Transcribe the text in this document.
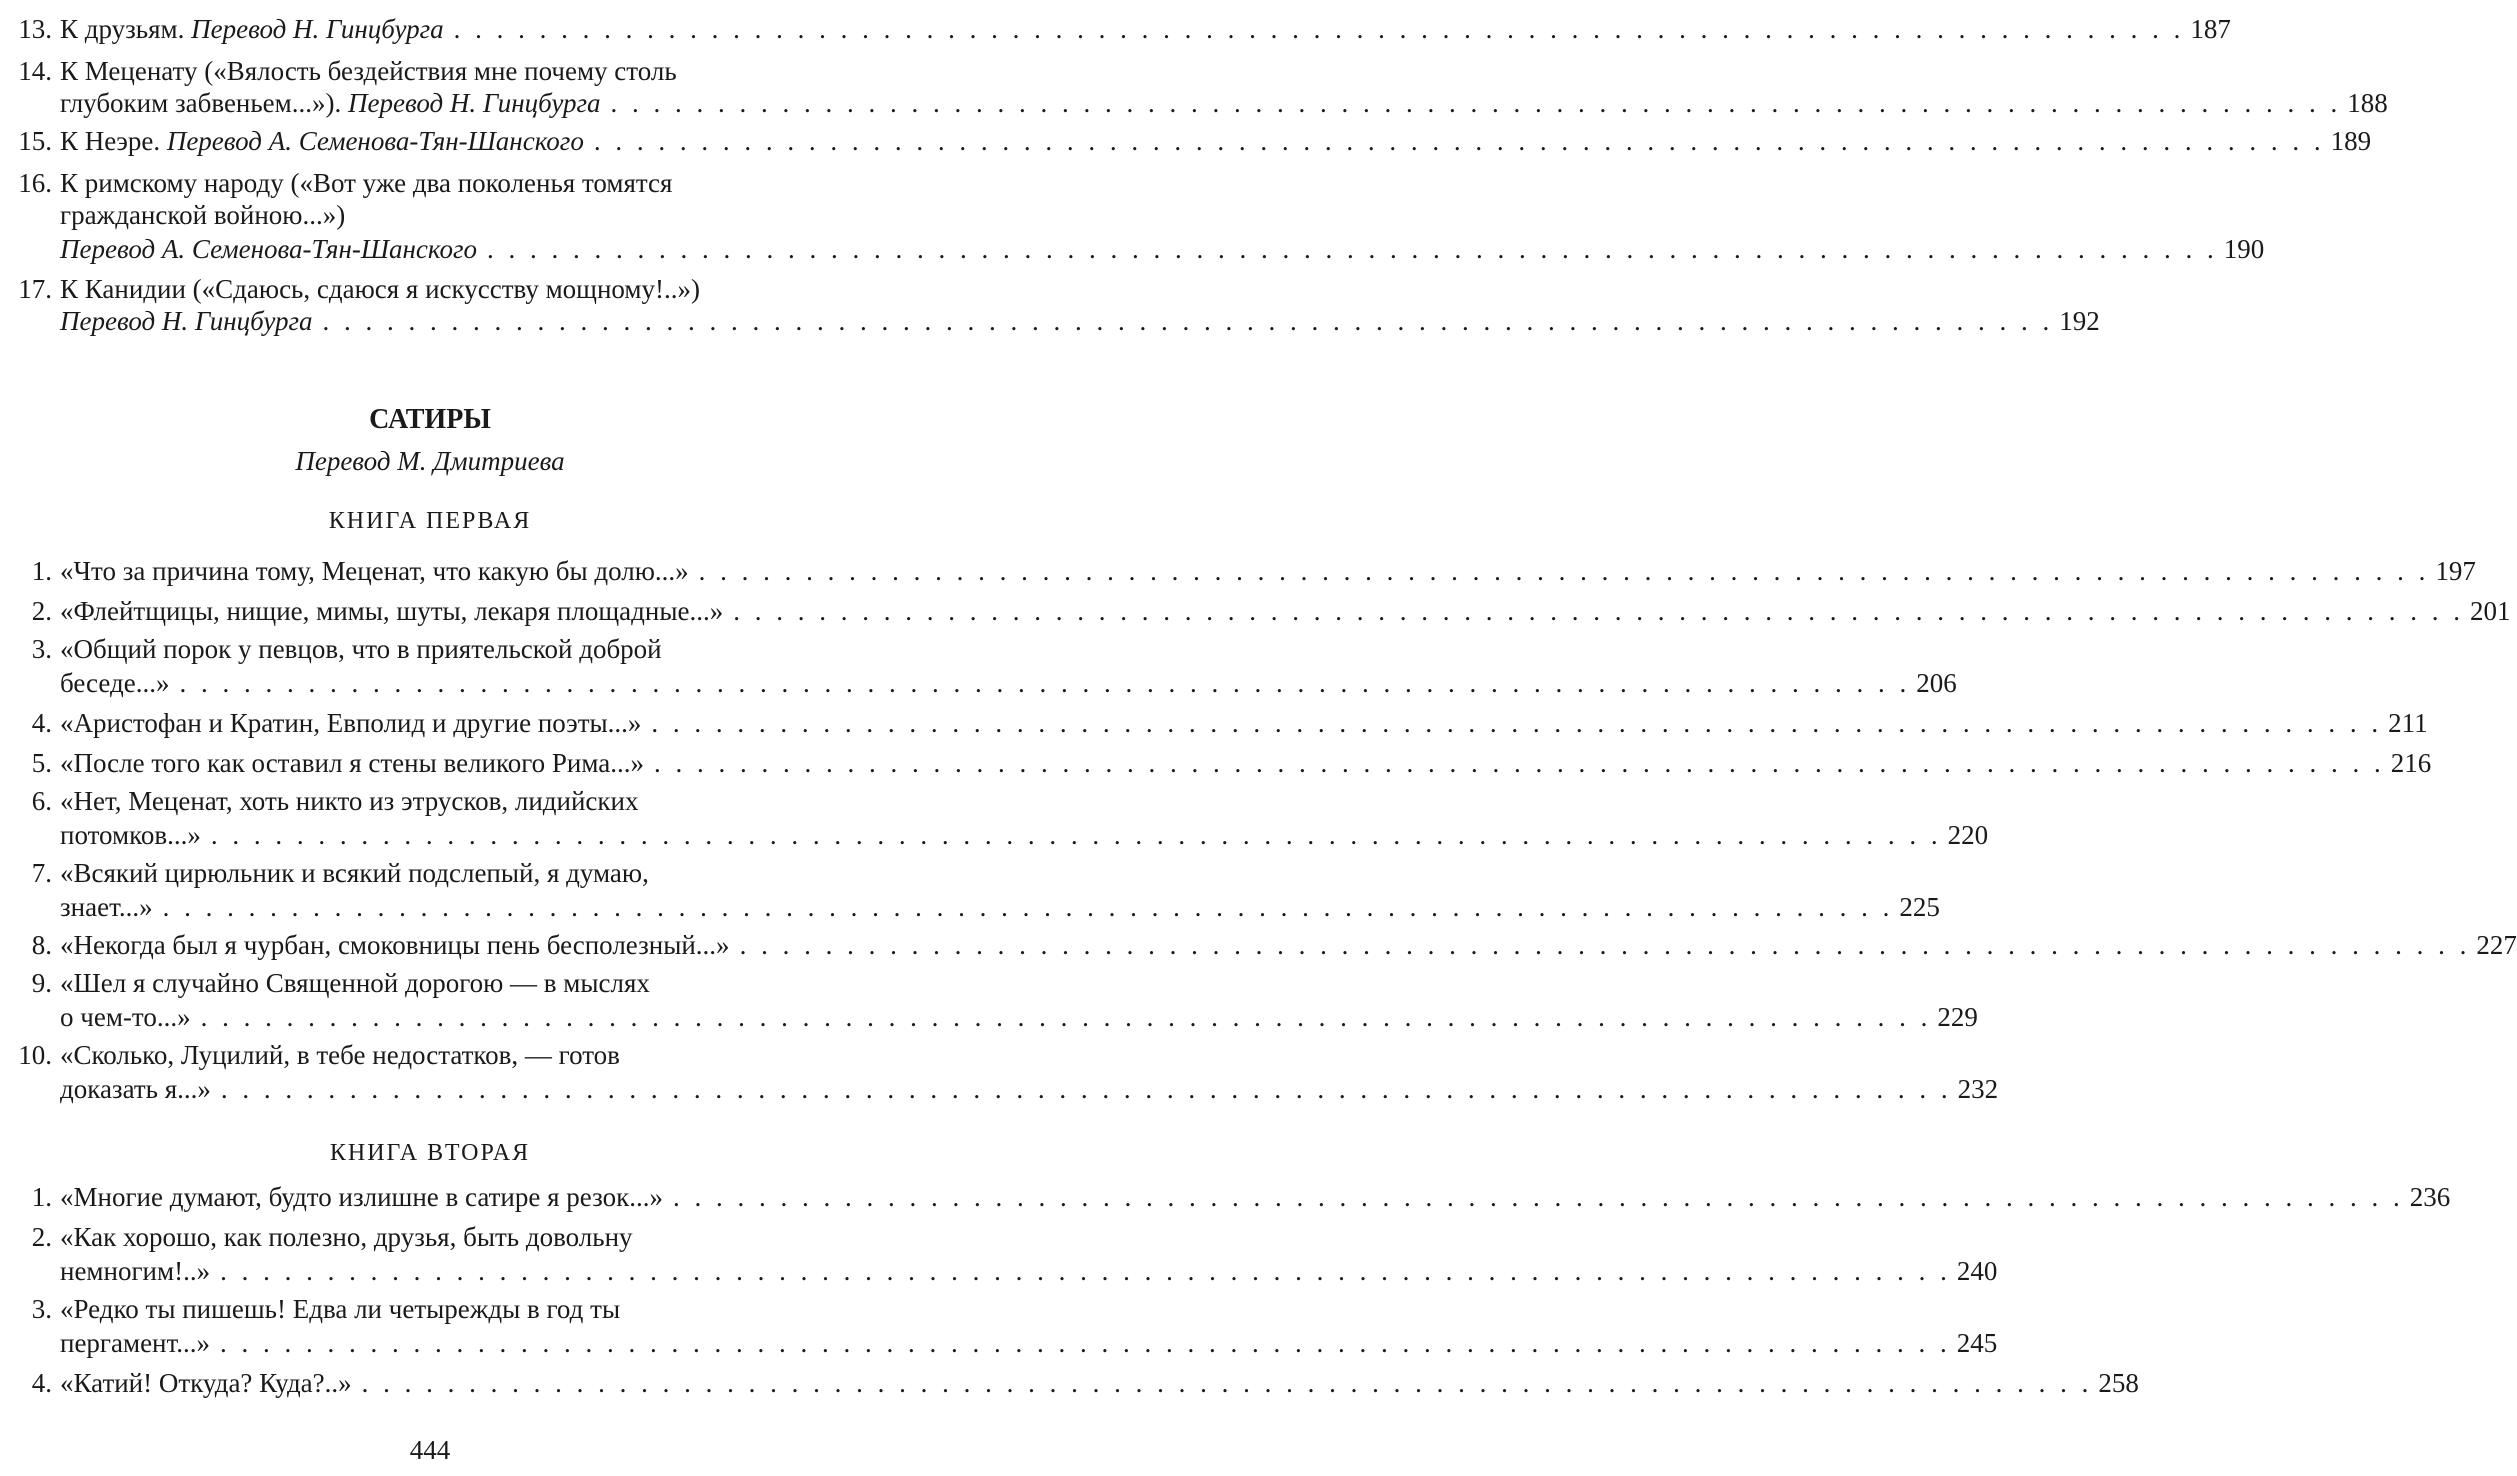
13. К друзьям. Перевод Н. Гинцбурга . . . . . . . . . . . . . . . . . . . . . . . . . . . . . . . . . . . . . . . . . . . . . . . . . . . . . . . . . . . . . . . . . . . . . . . . . . . . . . . . . 187
14. К Меценату («Вялость бездействия мне почему столь
глубоким забвеньем...»). Перевод Н. Гинцбурга . . . . . . . . . . . . . . . . . . . . . . . . . . . . . . . . . . . . . . . . . . . . . . . . . . . . . . . . . . . . . . . . . . . . . . . . . . . . . . . . . 188
15. К Неэре. Перевод А. Семенова-Тян-Шанского . . . . . . . . . . . . . . . . . . . . . . . . . . . . . . . . . . . . . . . . . . . . . . . . . . . . . . . . . . . . . . . . . . . . . . . . . . . . . . . . . 189
16. К римскому народу («Вот уже два поколенья томятся
гражданской войною...»)
Перевод А. Семенова-Тян-Шанского . . . . . . . . . . . . . . . . . . . . . . . . . . . . . . . . . . . . . . . . . . . . . . . . . . . . . . . . . . . . . . . . . . . . . . . . . . . . . . . . . 190
17. К Канидии («Сдаюсь, сдаюся я искусству мощному!..»)
Перевод Н. Гинцбурга . . . . . . . . . . . . . . . . . . . . . . . . . . . . . . . . . . . . . . . . . . . . . . . . . . . . . . . . . . . . . . . . . . . . . . . . . . . . . . . . . 192
САТИРЫ
Перевод М. Дмитриева
КНИГА ПЕРВАЯ
1. «Что за причина тому, Меценат, что какую бы долю...» . . . . . . . . . . . . . . . . . . . . . . . . . . . . . . . . . . . . . . . . . . . . . . . . . . . . . . . . . . . . . . . . . . . . . . . . . . . . . . . . . 197
2. «Флейтщицы, нищие, мимы, шуты, лекаря площадные...» . . . . . . . . . . . . . . . . . . . . . . . . . . . . . . . . . . . . . . . . . . . . . . . . . . . . . . . . . . . . . . . . . . . . . . . . . . . . . . . . . 201
3. «Общий порок у певцов, что в приятельской доброй
беседе...» . . . . . . . . . . . . . . . . . . . . . . . . . . . . . . . . . . . . . . . . . . . . . . . . . . . . . . . . . . . . . . . . . . . . . . . . . . . . . . . . . 206
4. «Аристофан и Кратин, Евполид и другие поэты...» . . . . . . . . . . . . . . . . . . . . . . . . . . . . . . . . . . . . . . . . . . . . . . . . . . . . . . . . . . . . . . . . . . . . . . . . . . . . . . . . . 211
5. «После того как оставил я стены великого Рима...» . . . . . . . . . . . . . . . . . . . . . . . . . . . . . . . . . . . . . . . . . . . . . . . . . . . . . . . . . . . . . . . . . . . . . . . . . . . . . . . . . 216
6. «Нет, Меценат, хоть никто из этрусков, лидийских
потомков...» . . . . . . . . . . . . . . . . . . . . . . . . . . . . . . . . . . . . . . . . . . . . . . . . . . . . . . . . . . . . . . . . . . . . . . . . . . . . . . . . . 220
7. «Всякий цирюльник и всякий подслепый, я думаю,
знает...» . . . . . . . . . . . . . . . . . . . . . . . . . . . . . . . . . . . . . . . . . . . . . . . . . . . . . . . . . . . . . . . . . . . . . . . . . . . . . . . . . 225
8. «Некогда был я чурбан, смоковницы пень бесполезный...» . . . . . . . . . . . . . . . . . . . . . . . . . . . . . . . . . . . . . . . . . . . . . . . . . . . . . . . . . . . . . . . . . . . . . . . . . . . . . . . . . 227
9. «Шел я случайно Священной дорогою — в мыслях
о чем-то...» . . . . . . . . . . . . . . . . . . . . . . . . . . . . . . . . . . . . . . . . . . . . . . . . . . . . . . . . . . . . . . . . . . . . . . . . . . . . . . . . . 229
10. «Сколько, Луцилий, в тебе недостатков, — готов
доказать я...» . . . . . . . . . . . . . . . . . . . . . . . . . . . . . . . . . . . . . . . . . . . . . . . . . . . . . . . . . . . . . . . . . . . . . . . . . . . . . . . . . 232
КНИГА ВТОРАЯ
1. «Многие думают, будто излишне в сатире я резок...» . . . . . . . . . . . . . . . . . . . . . . . . . . . . . . . . . . . . . . . . . . . . . . . . . . . . . . . . . . . . . . . . . . . . . . . . . . . . . . . . . 236
2. «Как хорошо, как полезно, друзья, быть довольну
немногим!..» . . . . . . . . . . . . . . . . . . . . . . . . . . . . . . . . . . . . . . . . . . . . . . . . . . . . . . . . . . . . . . . . . . . . . . . . . . . . . . . . . 240
3. «Редко ты пишешь! Едва ли четырежды в год ты
пергамент...» . . . . . . . . . . . . . . . . . . . . . . . . . . . . . . . . . . . . . . . . . . . . . . . . . . . . . . . . . . . . . . . . . . . . . . . . . . . . . . . . . 245
4. «Катий! Откуда? Куда?..» . . . . . . . . . . . . . . . . . . . . . . . . . . . . . . . . . . . . . . . . . . . . . . . . . . . . . . . . . . . . . . . . . . . . . . . . . . . . . . . . . 258
444
